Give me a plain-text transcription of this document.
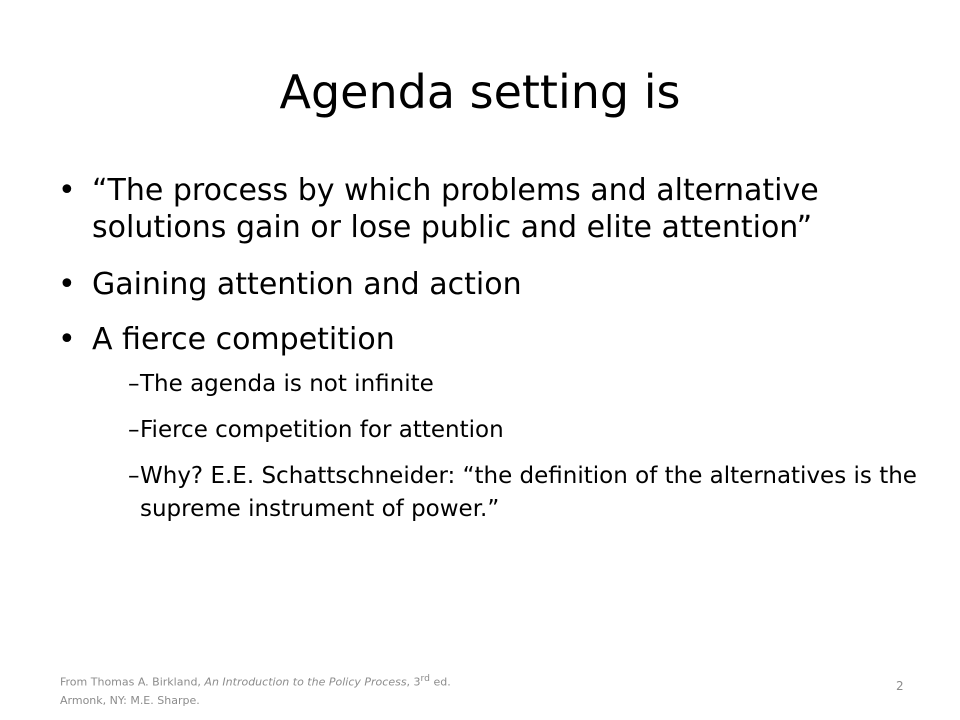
Agenda setting is
• “The process by which problems and alternative solutions gain or lose public and elite attention”
• Gaining attention and action
• A fierce competition
– The agenda is not infinite
– Fierce competition for attention
– Why? E.E. Schattschneider: “the definition of the alternatives is the supreme instrument of power.”
From Thomas A. Birkland, An Introduction to the Policy Process, 3rd ed. Armonk, NY: M.E. Sharpe.
2
